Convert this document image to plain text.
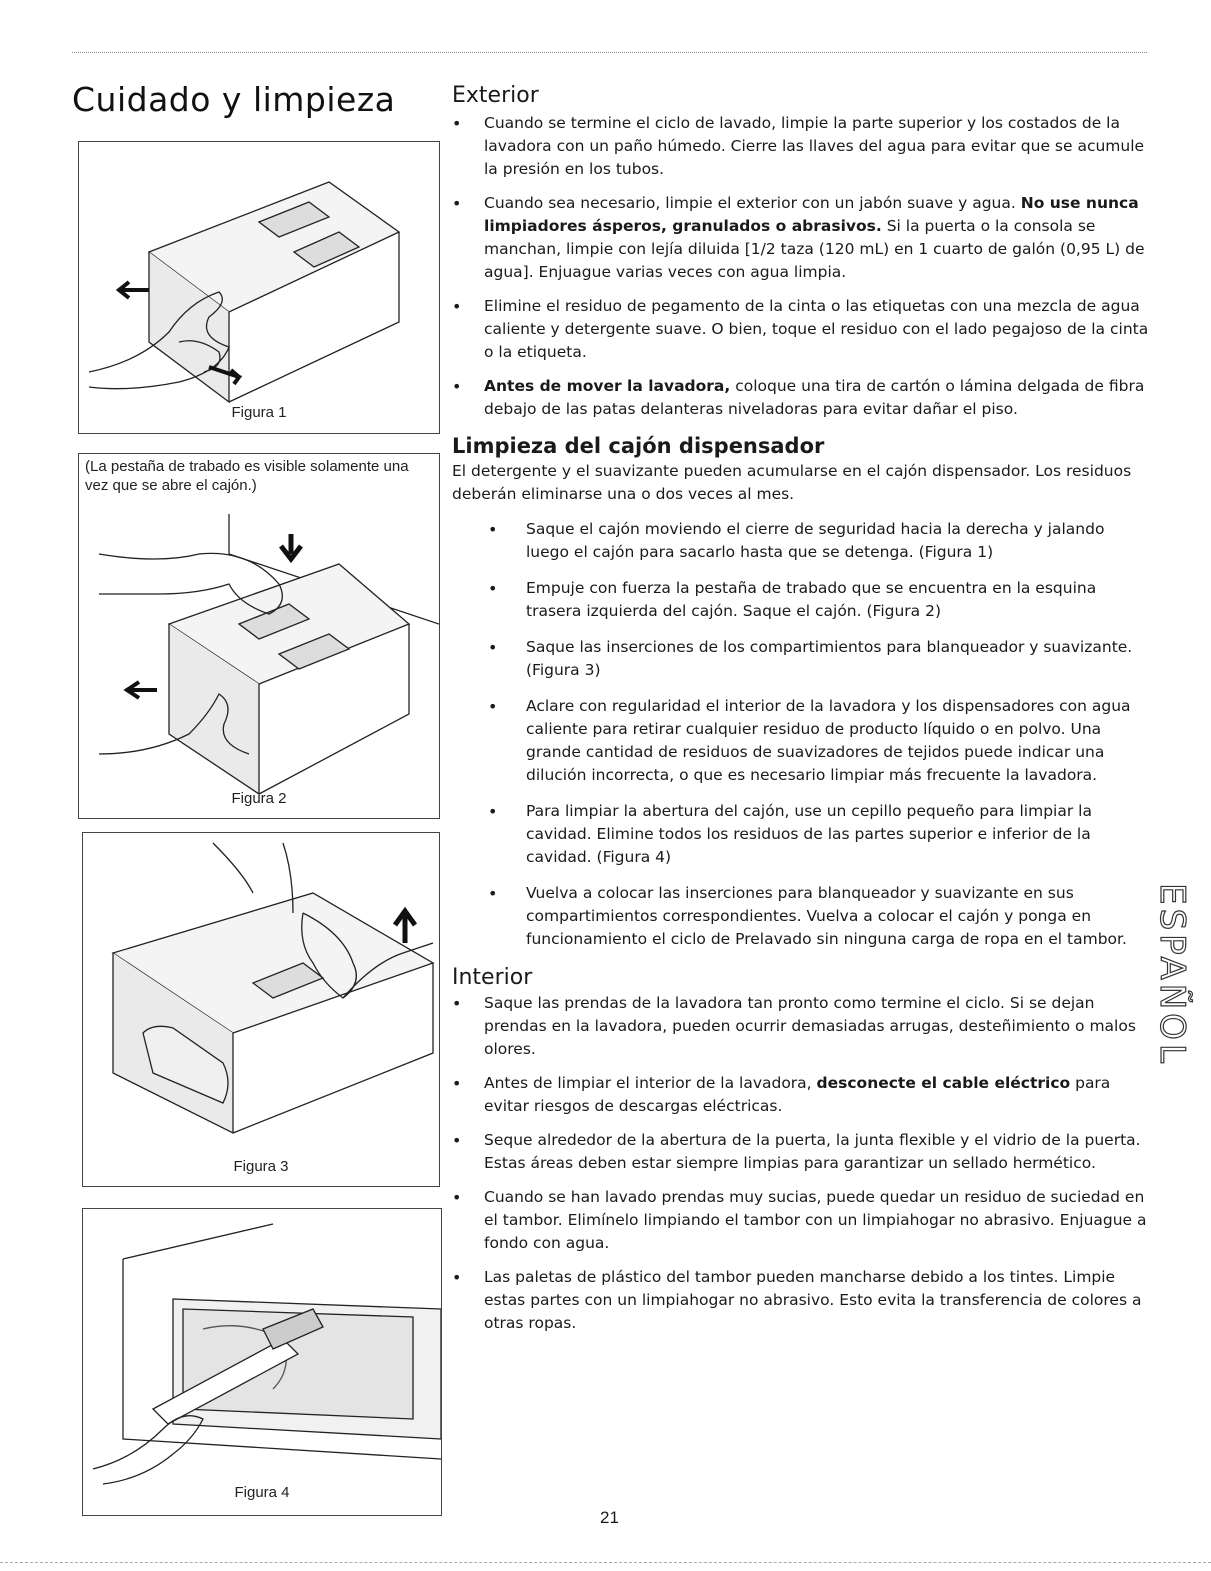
Cuidado y limpieza
Figura 1
(La pestaña de trabado es visible solamente una vez que se abre el cajón.)
Figura 2
Figura 3
Figura 4
Exterior
• Cuando se termine el ciclo de lavado, limpie la parte superior y los costados de la lavadora con un paño húmedo. Cierre las llaves del agua para evitar que se acumule la presión en los tubos.
• Cuando sea necesario, limpie el exterior con un jabón suave y agua. No use nunca limpiadores ásperos, granulados o abrasivos. Si la puerta o la consola se manchan, limpie con lejía diluida [1/2 taza (120 mL) en 1 cuarto de galón (0,95 L) de agua]. Enjuague varias veces con agua limpia.
• Elimine el residuo de pegamento de la cinta o las etiquetas con una mezcla de agua caliente y detergente suave. O bien, toque el residuo con el lado pegajoso de la cinta o la etiqueta.
• Antes de mover la lavadora, coloque una tira de cartón o lámina delgada de fibra debajo de las patas delanteras niveladoras para evitar dañar el piso.
Limpieza del cajón dispensador

El detergente y el suavizante pueden acumularse en el cajón dispensador. Los residuos deberán eliminarse una o dos veces al mes.

• Saque el cajón moviendo el cierre de seguridad hacia la derecha y jalando luego el cajón para sacarlo hasta que se detenga. (Figura 1)
• Empuje con fuerza la pestaña de trabado que se encuentra en la esquina trasera izquierda del cajón. Saque el cajón. (Figura 2)
• Saque las inserciones de los compartimientos para blanqueador y suavizante. (Figura 3)
• Aclare con regularidad el interior de la lavadora y los dispensadores con agua caliente para retirar cualquier residuo de producto líquido o en polvo. Una grande cantidad de residuos de suavizadores de tejidos puede indicar una dilución incorrecta, o que es necesario limpiar más frecuente la lavadora.
• Para limpiar la abertura del cajón, use un cepillo pequeño para limpiar la cavidad. Elimine todos los residuos de las partes superior e inferior de la cavidad. (Figura 4)
• Vuelva a colocar las inserciones para blanqueador y suavizante en sus compartimientos correspondientes. Vuelva a colocar el cajón y ponga en funcionamiento el ciclo de Prelavado sin ninguna carga de ropa en el tambor.
Interior
• Saque las prendas de la lavadora tan pronto como termine el ciclo. Si se dejan prendas en la lavadora, pueden ocurrir demasiadas arrugas, desteñimiento o malos olores.
• Antes de limpiar el interior de la lavadora, desconecte el cable eléctrico para evitar riesgos de descargas eléctricas.
• Seque alrededor de la abertura de la puerta, la junta flexible y el vidrio de la puerta. Estas áreas deben estar siempre limpias para garantizar un sellado hermético.
• Cuando se han lavado prendas muy sucias, puede quedar un residuo de suciedad en el tambor. Elimínelo limpiando el tambor con un limpiahogar no abrasivo. Enjuague a fondo con agua.
• Las paletas de plástico del tambor pueden mancharse debido a los tintes. Limpie estas partes con un limpiahogar no abrasivo. Esto evita la transferencia de colores a otras ropas.
ESPAÑOL
21
